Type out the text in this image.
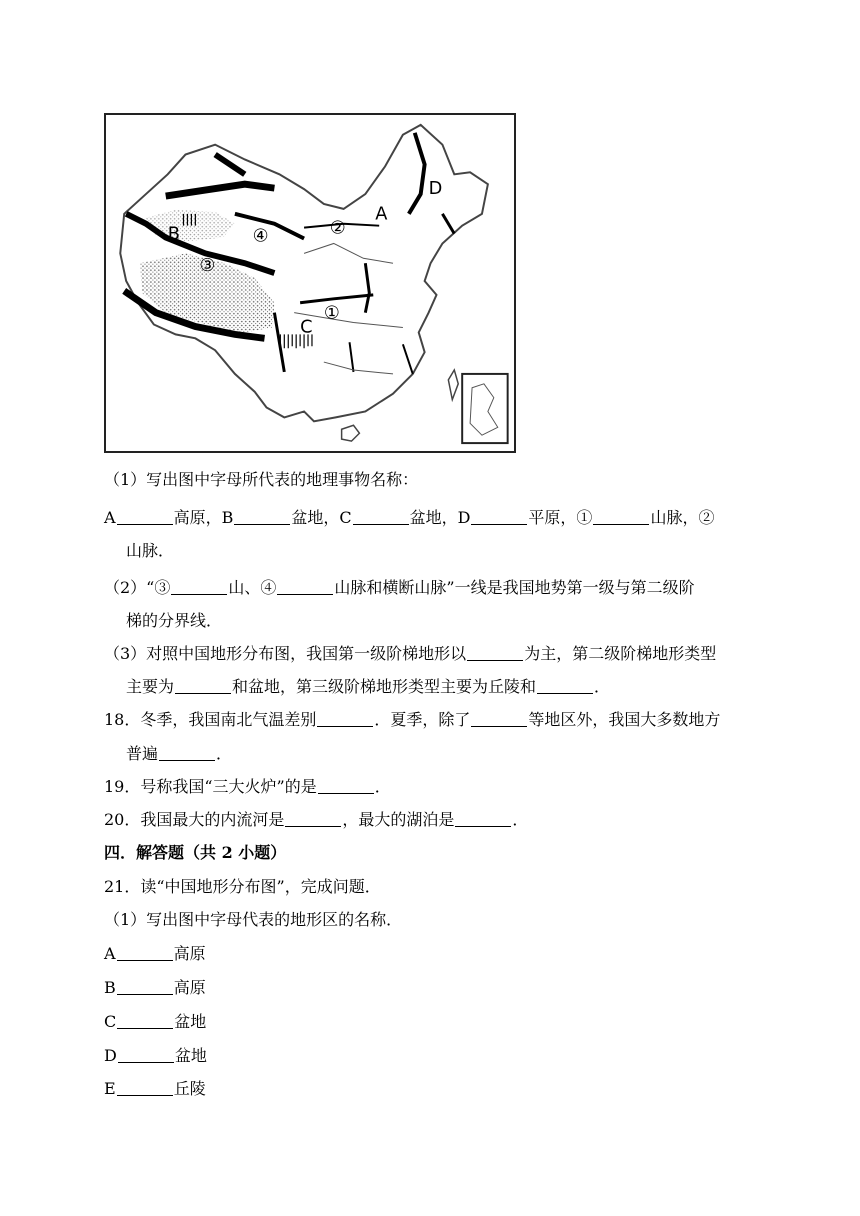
D
A
②
B	④
③
C
①
（1）写出图中字母所代表的地理事物名称：
A	高原，B	盆地，C	盆地，D	平原，①	山脉，②
山脉．
（2）“③	山、④	山脉和横断山脉”一线是我国地势第一级与第二级阶
梯的分界线．
（3）对照中国地形分布图，我国第一级阶梯地形以	为主，第二级阶梯地形类型
主要为	和盆地，第三级阶梯地形类型主要为丘陵和	．
18．冬季，我国南北气温差别	．夏季，除了	等地区外，我国大多数地方
普遍	．
19．号称我国“三大火炉”的是	．
20．我国最大的内流河是	，最大的湖泊是	．
四．解答题（共 2 小题）
21．读“中国地形分布图”，完成问题．
（1）写出图中字母代表的地形区的名称．
A	高原
B	高原
C	盆地
D	盆地
E	丘陵
